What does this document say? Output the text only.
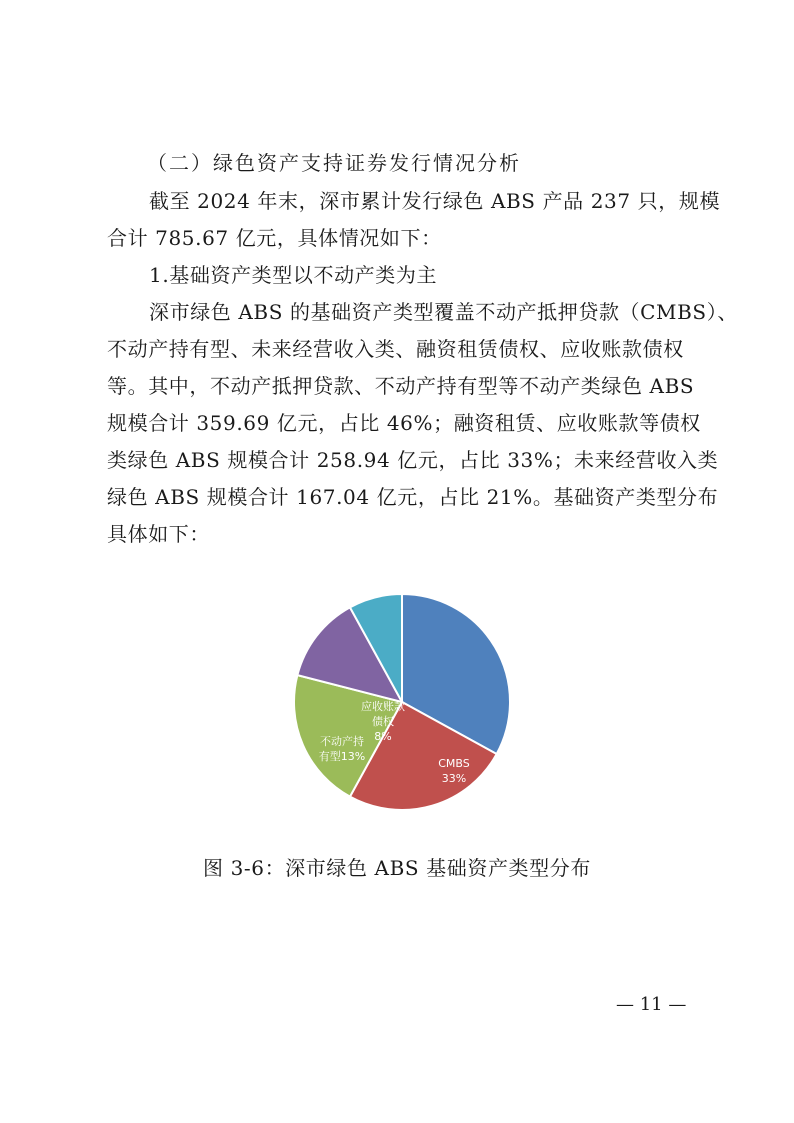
（二）绿色资产支持证券发行情况分析
截至 2024 年末，深市累计发行绿色 ABS 产品 237 只，规模
合计 785.67 亿元，具体情况如下：
1.基础资产类型以不动产类为主
深市绿色 ABS 的基础资产类型覆盖不动产抵押贷款（CMBS）、
不动产持有型、未来经营收入类、融资租赁债权、应收账款债权
等。其中，不动产抵押贷款、不动产持有型等不动产类绿色 ABS
规模合计 359.69 亿元，占比 46%；融资租赁、应收账款等债权
类绿色 ABS 规模合计 258.94 亿元，占比 33%；未来经营收入类
绿色 ABS 规模合计 167.04 亿元，占比 21%。基础资产类型分布
具体如下：
CMBS
33%
不动产持
有型13%
应收账款
债权
8%
图 3-6：深市绿色 ABS 基础资产类型分布
— 11 —
